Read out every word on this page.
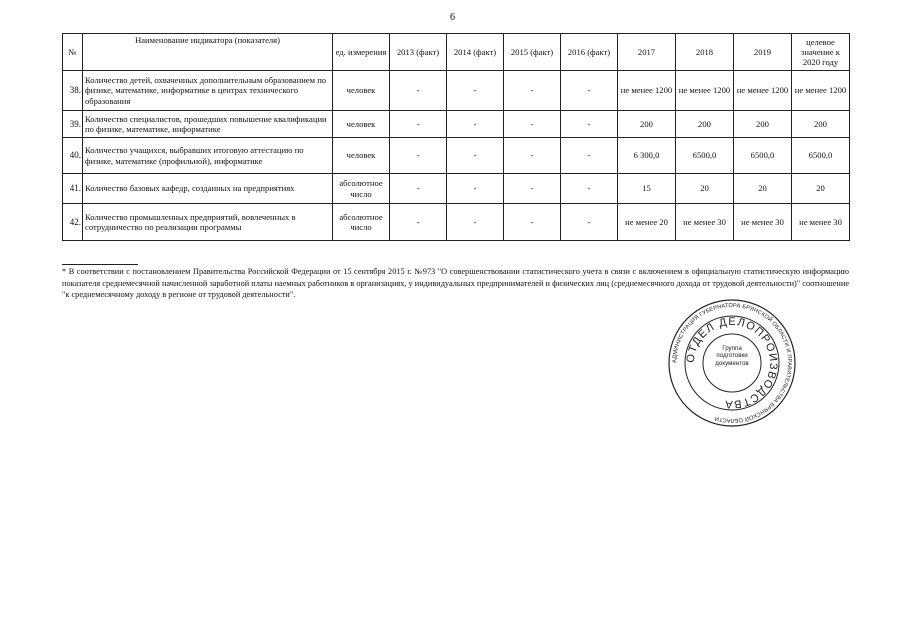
6
№	Наименование индикатора (показателя)	ед. измерения	2013 (факт)	2014 (факт)	2015 (факт)	2016 (факт)	2017	2018	2019	целевое значение к 2020 году
38.	Количество детей, охваченных дополнительным образованием по физике, математике, информатике в центрах технического образования	человек	-	-	-	-	не менее 1200	не менее 1200	не менее 1200	не менее 1200
39.	Количество специалистов, прошедших повышение квалификации по физике, математике, информатике	человек	-	-	-	-	200	200	200	200
40.	Количество учащихся, выбравших итоговую аттестацию по физике, математике (профильной), информатике	человек	-	-	-	-	6 300,0	6500,0	6500,0	6500,0
41.	Количество базовых кафедр, созданных на предприятиях	абсолютное число	-	-	-	-	15	20	20	20
42.	Количество промышленных предприятий, вовлеченных в сотрудничество по реализации программы	абсолютное число	-	-	-	-	не менее 20	не менее 30	не менее 30	не менее 30
* В соответствии с постановлением Правительства Российской Федерации от 15 сентября 2015 г. №973 "О совершенствовании статистического учета в связи с включением в официальную статистическую информацию показателя среднемесячной начисленной заработной платы наемных работников в организациях, у индивидуальных предпринимателей и физических лиц (среднемесячного дохода от трудовой деятельности)" соотношение "к среднемесячному доходу в регионе от трудовой деятельности".
АДМИНИСТРАЦИЯ ГУБЕРНАТОРА БРЯНСКОЙ ОБЛАСТИ И ПРАВИТЕЛЬСТВА БРЯНСКОЙ ОБЛАСТИ
ОТДЕЛ ДЕЛОПРОИЗВОДСТВА
Группа подготовки документов
